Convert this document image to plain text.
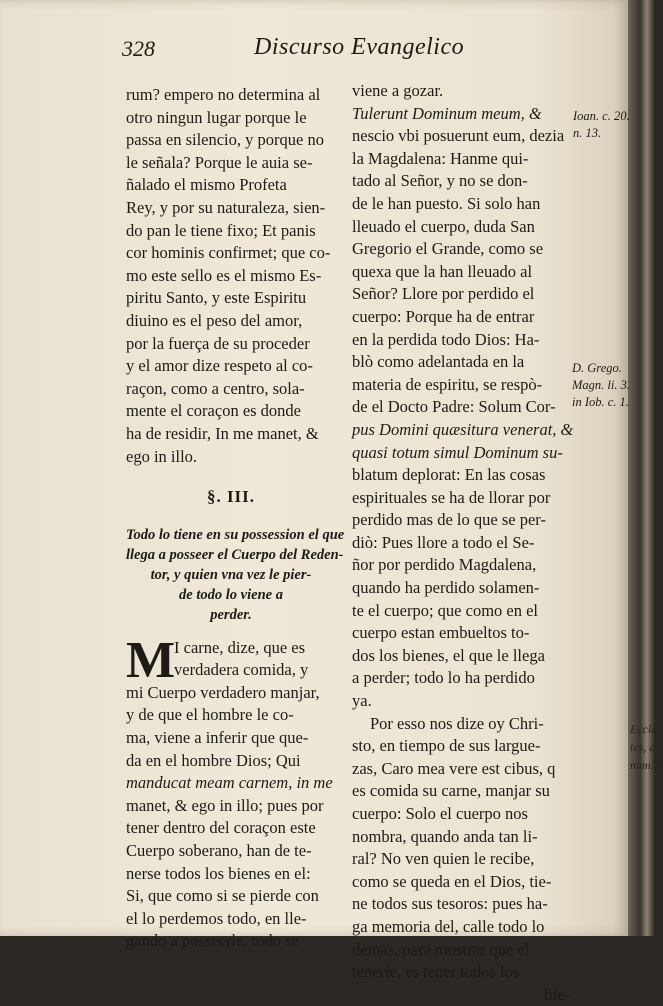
Eccles
tes, c.
num. 1
328	Discurso Evangelico
rum? empero no determina al
otro ningun lugar porque le
passa en silencio, y porque no
le señala? Porque le auia se-
ñalado el mismo Profeta
Rey, y por su naturaleza, sien-
do pan le tiene fixo; Et panis
cor hominis confirmet; que co-
mo este sello es el mismo Es-
piritu Santo, y este Espiritu
diuino es el peso del amor,
por la fuerça de su proceder
y el amor dize respeto al co-
raçon, como a centro, sola-
mente el coraçon es donde
ha de residir, In me manet, &
ego in illo.
§. III.
Todo lo tiene en su possession el que
llega a posseer el Cuerpo del Reden-
tor, y quien vna vez le pier-
de todo lo viene a
perder.
M
I carne, dize, que es
verdadera comida, y
mi Cuerpo verdadero manjar,
y de que el hombre le co-
ma, viene a inferir que que-
da en el hombre Dios; Qui
manducat meam carnem, in me
manet, & ego in illo; pues por
tener dentro del coraçon este
Cuerpo soberano, han de te-
nerse todos los bienes en el:
Si, que como si se pierde con
el lo perdemos todo, en lle-
gando a posseerle, todo se
viene a gozar.
Tulerunt Dominum meum, &
nescio vbi posuerunt eum, dezia
la Magdalena: Hanme qui-
tado al Señor, y no se don-
de le han puesto. Si solo han
lleuado el cuerpo, duda San
Gregorio el Grande, como se
quexa que la han lleuado al
Señor? Llore por perdido el
cuerpo: Porque ha de entrar
en la perdida todo Dios: Ha-
blò como adelantada en la
materia de espiritu, se respò-
de el Docto Padre: Solum Cor-
pus Domini quæsitura venerat, &
quasi totum simul Dominum su-
blatum deplorat: En las cosas
espirituales se ha de llorar por
perdido mas de lo que se per-
diò: Pues llore a todo el Se-
ñor por perdido Magdalena,
quando ha perdido solamen-
te el cuerpo; que como en el
cuerpo estan embueltos to-
dos los bienes, el que le llega
a perder; todo lo ha perdido
ya.
Por esso nos dize oy Chri-
sto, en tiempo de sus largue-
zas, Caro mea vere est cibus, q
es comida su carne, manjar su
cuerpo: Solo el cuerpo nos
nombra, quando anda tan li-
ral? No ven quien le recibe,
como se queda en el Dios, tie-
ne todos sus tesoros: pues ha-
ga memoria del, calle todo lo
demas, para mostrar que el
tenerle, es tener todos los
bie-
Ioan. c. 20.
n. 13.
D. Grego.
Magn. li. 3.
in Iob. c. 1.
